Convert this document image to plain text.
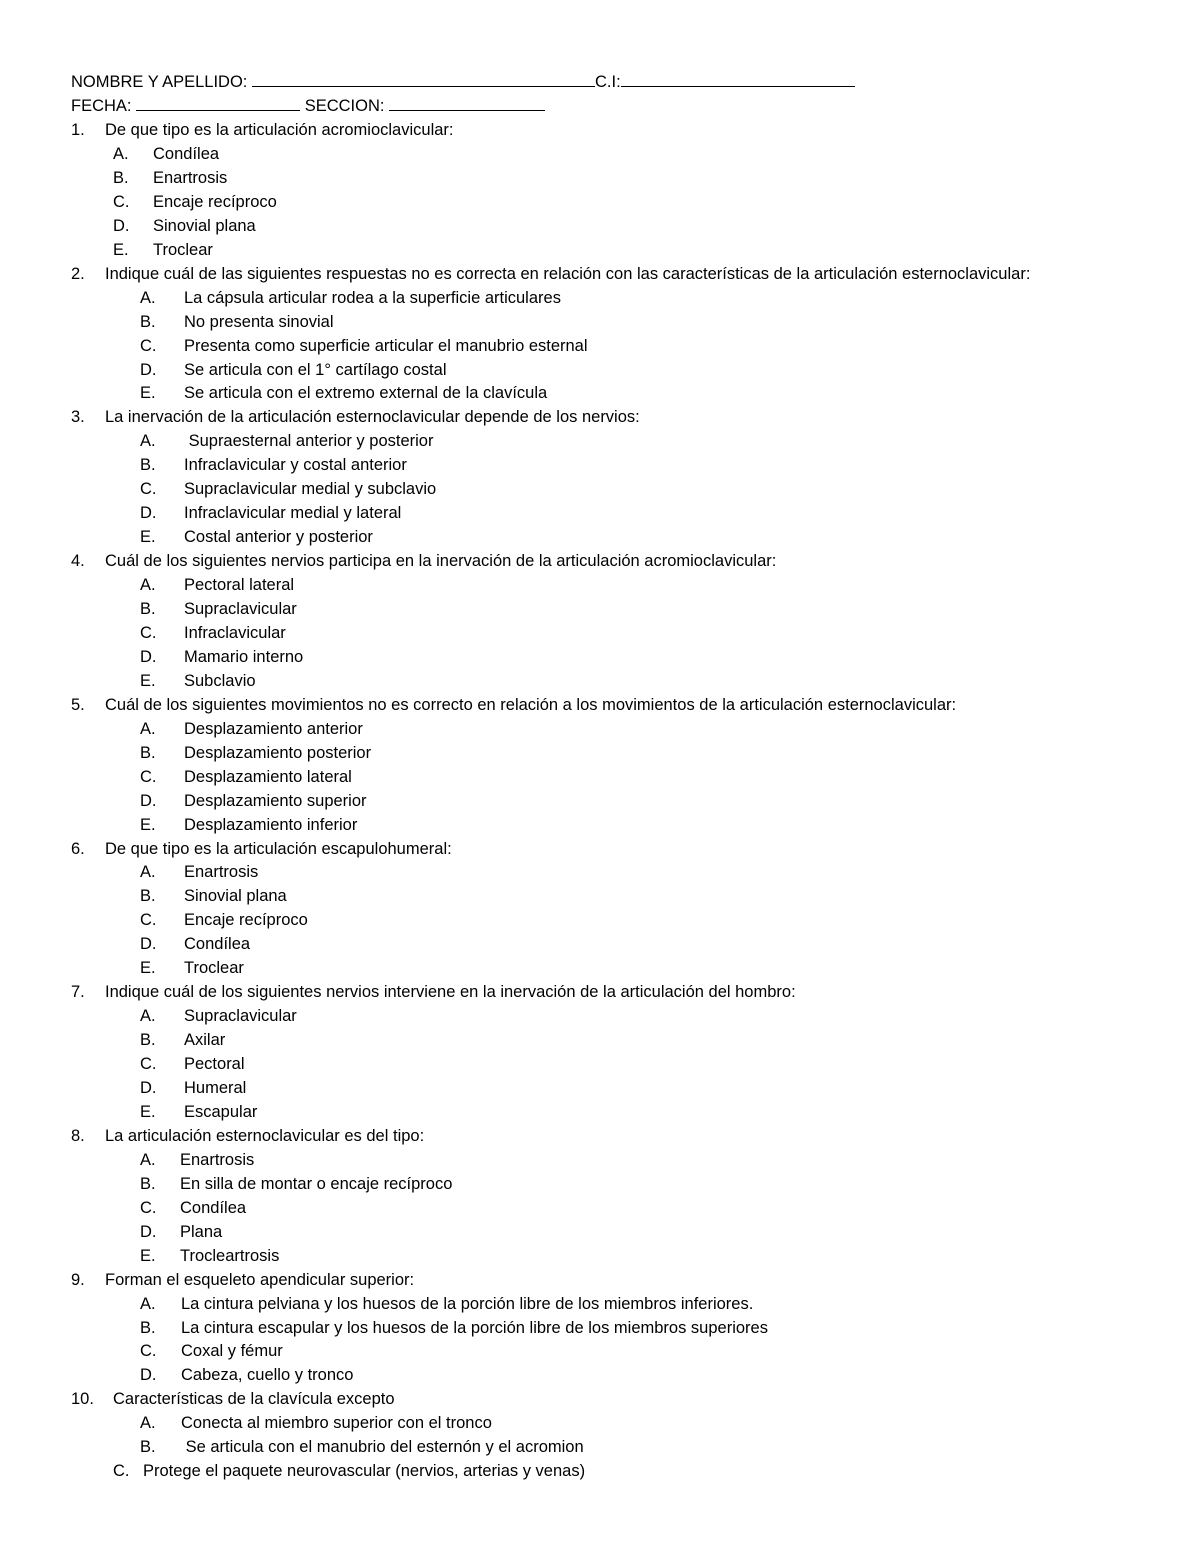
NOMBRE Y APELLIDO:	C.I:
FECHA:	SECCION:
1. De que tipo es la articulación acromioclavicular:
A. Condílea
B. Enartrosis
C. Encaje recíproco
D. Sinovial plana
E. Troclear
2. Indique cuál de las siguientes respuestas no es correcta en relación con las características de la articulación esternoclavicular:
A. La cápsula articular rodea a la superficie articulares
B. No presenta sinovial
C. Presenta como superficie articular el manubrio esternal
D. Se articula con el 1° cartílago costal
E. Se articula con el extremo external de la clavícula
3. La inervación de la articulación esternoclavicular depende de los nervios:
A. Supraesternal anterior y posterior
B. Infraclavicular y costal anterior
C. Supraclavicular medial y subclavio
D. Infraclavicular medial y lateral
E. Costal anterior y posterior
4. Cuál de los siguientes nervios participa en la inervación de la articulación acromioclavicular:
A. Pectoral lateral
B. Supraclavicular
C. Infraclavicular
D. Mamario interno
E. Subclavio
5. Cuál de los siguientes movimientos no es correcto en relación a los movimientos de la articulación esternoclavicular:
A. Desplazamiento anterior
B. Desplazamiento posterior
C. Desplazamiento lateral
D. Desplazamiento superior
E. Desplazamiento inferior
6. De que tipo es la articulación escapulohumeral:
A. Enartrosis
B. Sinovial plana
C. Encaje recíproco
D. Condílea
E. Troclear
7. Indique cuál de los siguientes nervios interviene en la inervación de la articulación del hombro:
A. Supraclavicular
B. Axilar
C. Pectoral
D. Humeral
E. Escapular
8. La articulación esternoclavicular es del tipo:
A. Enartrosis
B. En silla de montar o encaje recíproco
C. Condílea
D. Plana
E. Trocleartrosis
9. Forman el esqueleto apendicular superior:
A. La cintura pelviana y los huesos de la porción libre de los miembros inferiores.
B. La cintura escapular y los huesos de la porción libre de los miembros superiores
C. Coxal y fémur
D. Cabeza, cuello y tronco
10. Características de la clavícula excepto
A. Conecta al miembro superior con el tronco
B. Se articula con el manubrio del esternón y el acromion
C. Protege el paquete neurovascular (nervios, arterias y venas)
